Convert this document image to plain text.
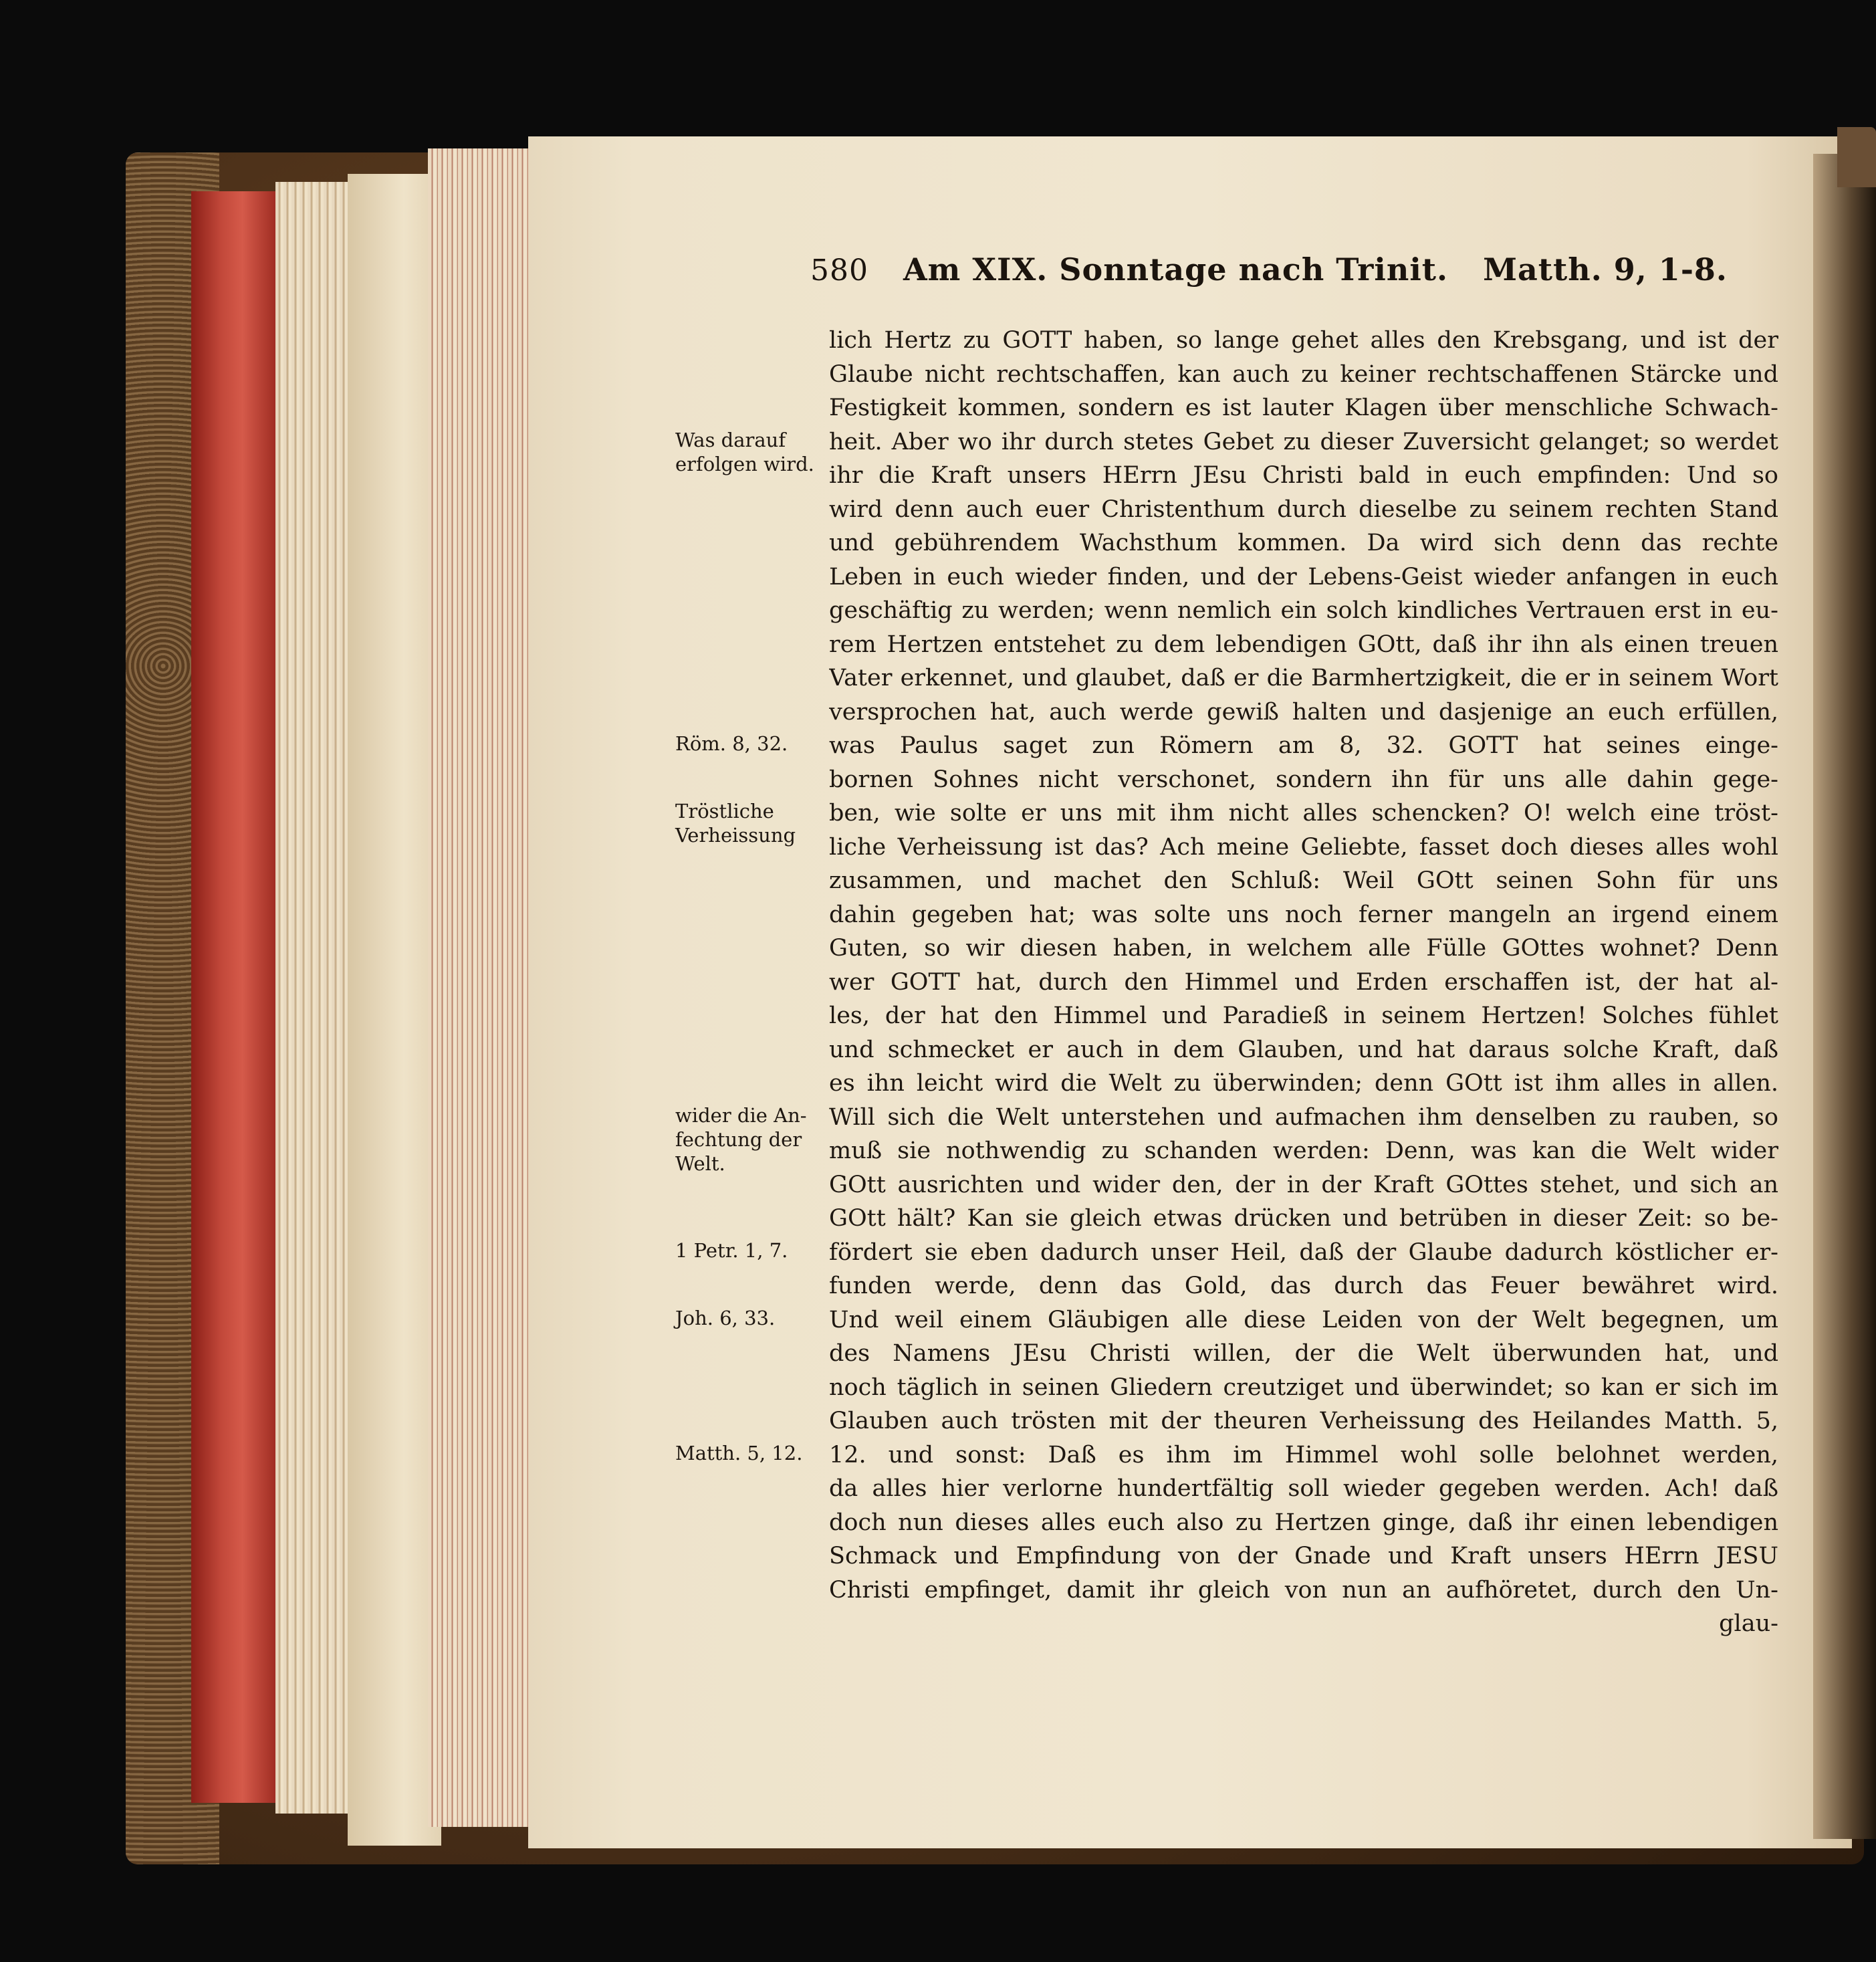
580 Am XIX. Sonntage nach Trinit. Matth. 9, 1-8.
Was darauf
erfolgen wird.
Röm. 8, 32.
Tröstliche
Verheissung
wider die An-
fechtung der
Welt.
1 Petr. 1, 7.
Joh. 6, 33.
Matth. 5, 12.
lich Hertz zu GOTT haben, so lange gehet alles den Krebsgang, und ist der
Glaube nicht rechtschaffen, kan auch zu keiner rechtschaffenen Stärcke und
Festigkeit kommen, sondern es ist lauter Klagen über menschliche Schwach-
heit. Aber wo ihr durch stetes Gebet zu dieser Zuversicht gelanget; so werdet
ihr die Kraft unsers HErrn JEsu Christi bald in euch empfinden: Und so
wird denn auch euer Christenthum durch dieselbe zu seinem rechten Stand
und gebührendem Wachsthum kommen. Da wird sich denn das rechte
Leben in euch wieder finden, und der Lebens-Geist wieder anfangen in euch
geschäftig zu werden; wenn nemlich ein solch kindliches Vertrauen erst in eu-
rem Hertzen entstehet zu dem lebendigen GOtt, daß ihr ihn als einen treuen
Vater erkennet, und glaubet, daß er die Barmhertzigkeit, die er in seinem Wort
versprochen hat, auch werde gewiß halten und dasjenige an euch erfüllen,
was Paulus saget zun Römern am 8, 32. GOTT hat seines einge-
bornen Sohnes nicht verschonet, sondern ihn für uns alle dahin gege-
ben, wie solte er uns mit ihm nicht alles schencken? O! welch eine tröst-
liche Verheissung ist das? Ach meine Geliebte, fasset doch dieses alles wohl
zusammen, und machet den Schluß: Weil GOtt seinen Sohn für uns
dahin gegeben hat; was solte uns noch ferner mangeln an irgend einem
Guten, so wir diesen haben, in welchem alle Fülle GOttes wohnet? Denn
wer GOTT hat, durch den Himmel und Erden erschaffen ist, der hat al-
les, der hat den Himmel und Paradieß in seinem Hertzen! Solches fühlet
und schmecket er auch in dem Glauben, und hat daraus solche Kraft, daß
es ihn leicht wird die Welt zu überwinden; denn GOtt ist ihm alles in allen.
Will sich die Welt unterstehen und aufmachen ihm denselben zu rauben, so
muß sie nothwendig zu schanden werden: Denn, was kan die Welt wider
GOtt ausrichten und wider den, der in der Kraft GOttes stehet, und sich an
GOtt hält? Kan sie gleich etwas drücken und betrüben in dieser Zeit: so be-
fördert sie eben dadurch unser Heil, daß der Glaube dadurch köstlicher er-
funden werde, denn das Gold, das durch das Feuer bewähret wird.
Und weil einem Gläubigen alle diese Leiden von der Welt begegnen, um
des Namens JEsu Christi willen, der die Welt überwunden hat, und
noch täglich in seinen Gliedern creutziget und überwindet; so kan er sich im
Glauben auch trösten mit der theuren Verheissung des Heilandes Matth. 5,
12. und sonst: Daß es ihm im Himmel wohl solle belohnet werden,
da alles hier verlorne hundertfältig soll wieder gegeben werden. Ach! daß
doch nun dieses alles euch also zu Hertzen ginge, daß ihr einen lebendigen
Schmack und Empfindung von der Gnade und Kraft unsers HErrn JESU
Christi empfinget, damit ihr gleich von nun an aufhöretet, durch den Un-
glau-
